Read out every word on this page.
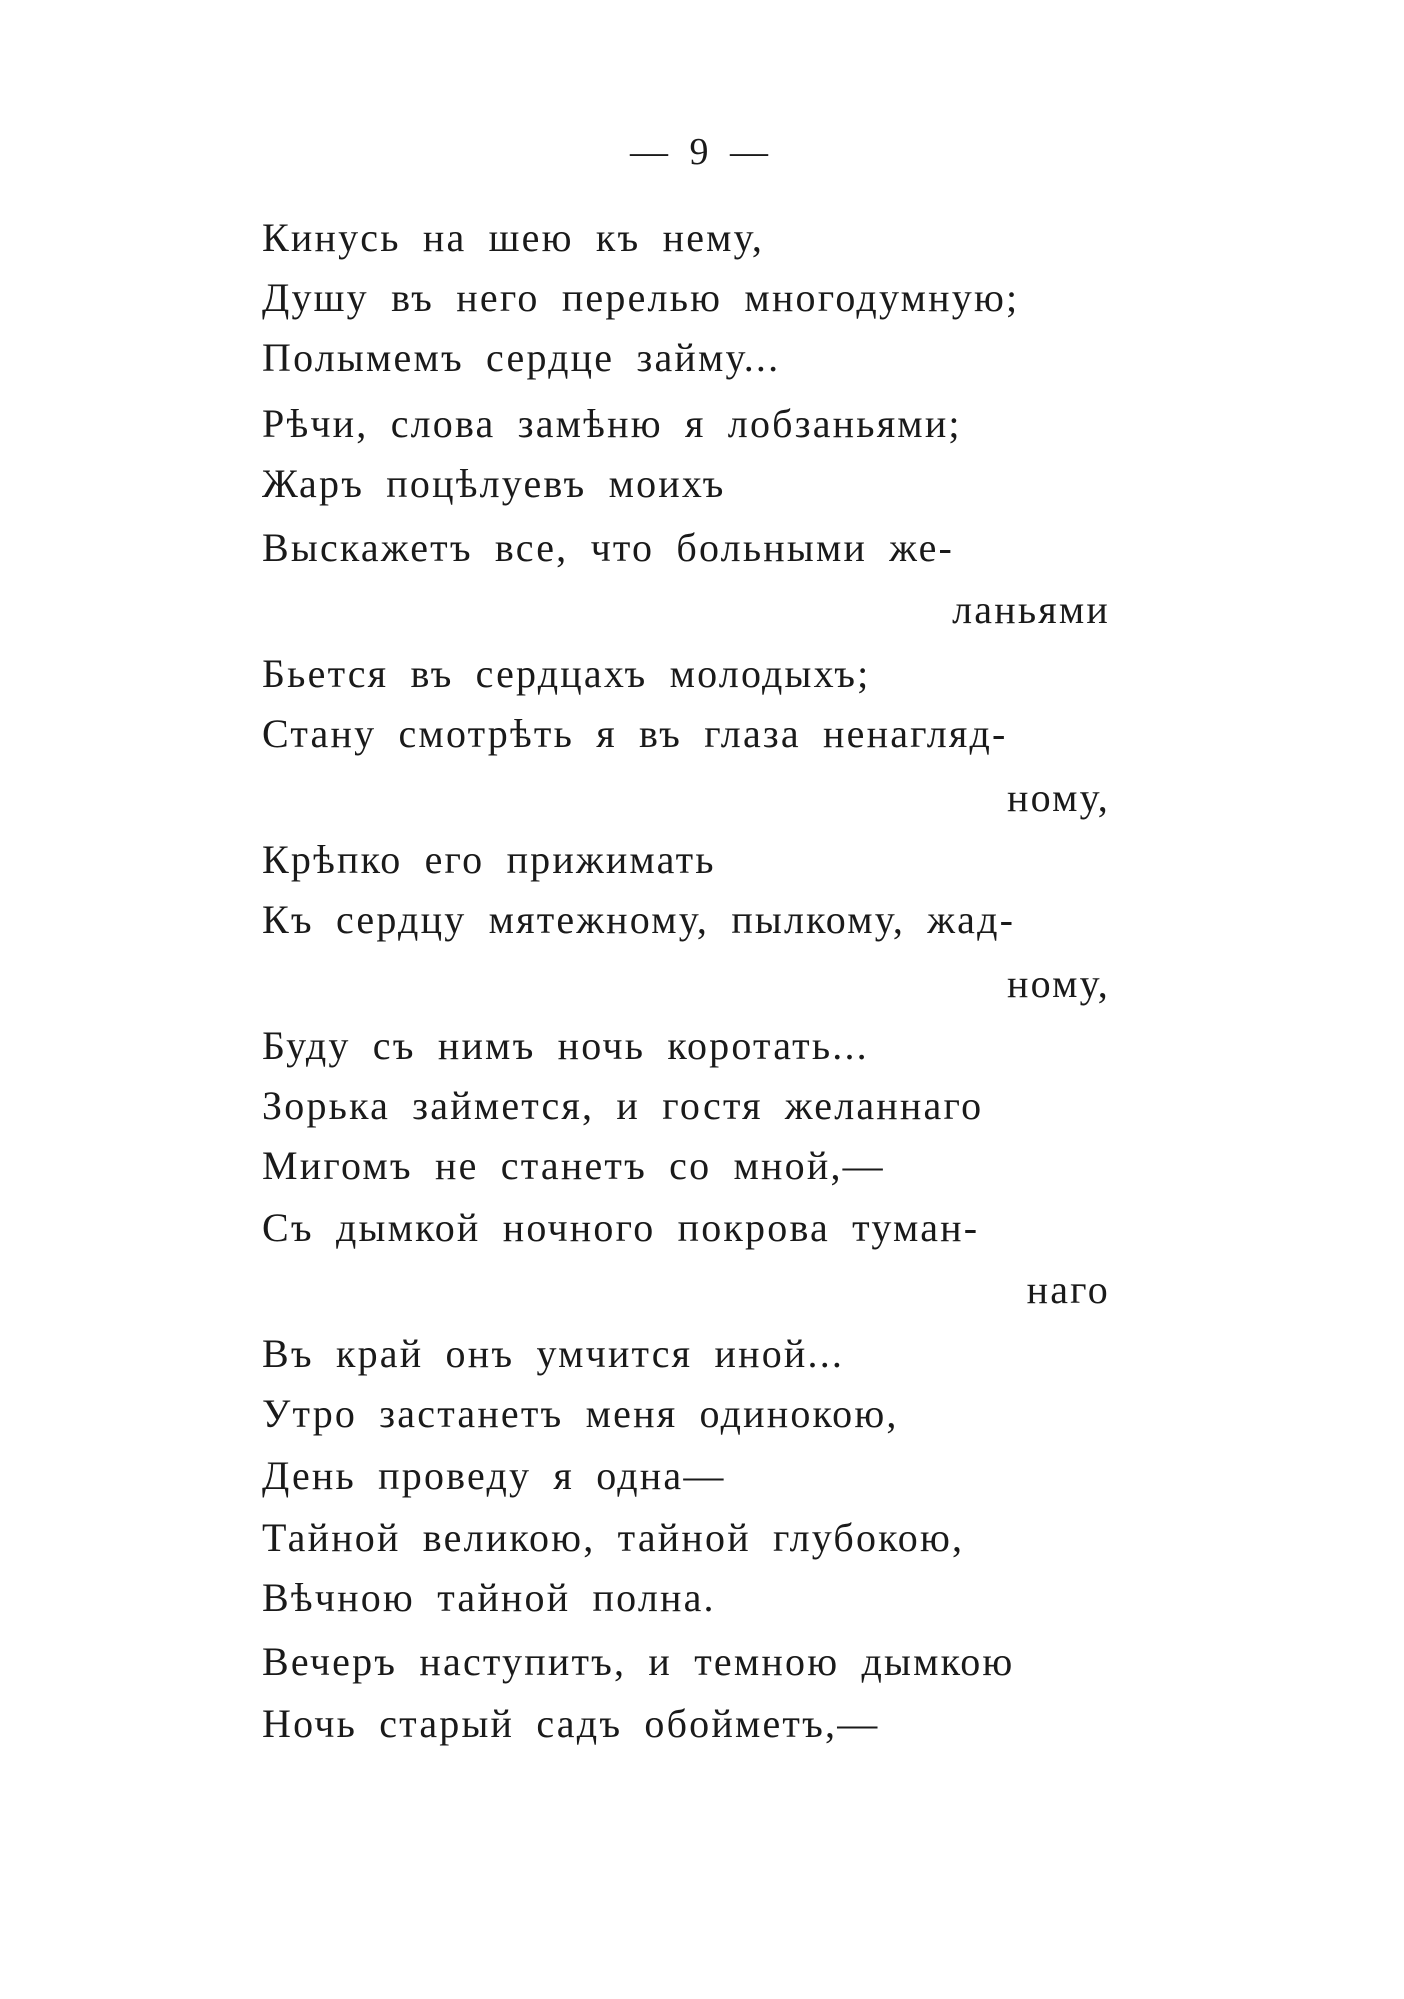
— 9 —
Кинусь на шею къ нему,
Душу въ него перелью многодумную;
Полымемъ сердце займу...
Рѣчи, слова замѣню я лобзаньями;
Жаръ поцѣлуевъ моихъ
Выскажетъ все, что больными же-
ланьями
Бьется въ сердцахъ молодыхъ;
Стану смотрѣть я въ глаза ненагляд-
ному,
Крѣпко его прижимать
Къ сердцу мятежному, пылкому, жад-
ному,
Буду съ нимъ ночь коротать...
Зорька займется, и гостя желаннаго
Мигомъ не станетъ со мной,—
Съ дымкой ночного покрова туман-
наго
Въ край онъ умчится иной...
Утро застанетъ меня одинокою,
День проведу я одна—
Тайной великою, тайной глубокою,
Вѣчною тайной полна.
Вечеръ наступитъ, и темною дымкою
Ночь старый садъ обойметъ,—
